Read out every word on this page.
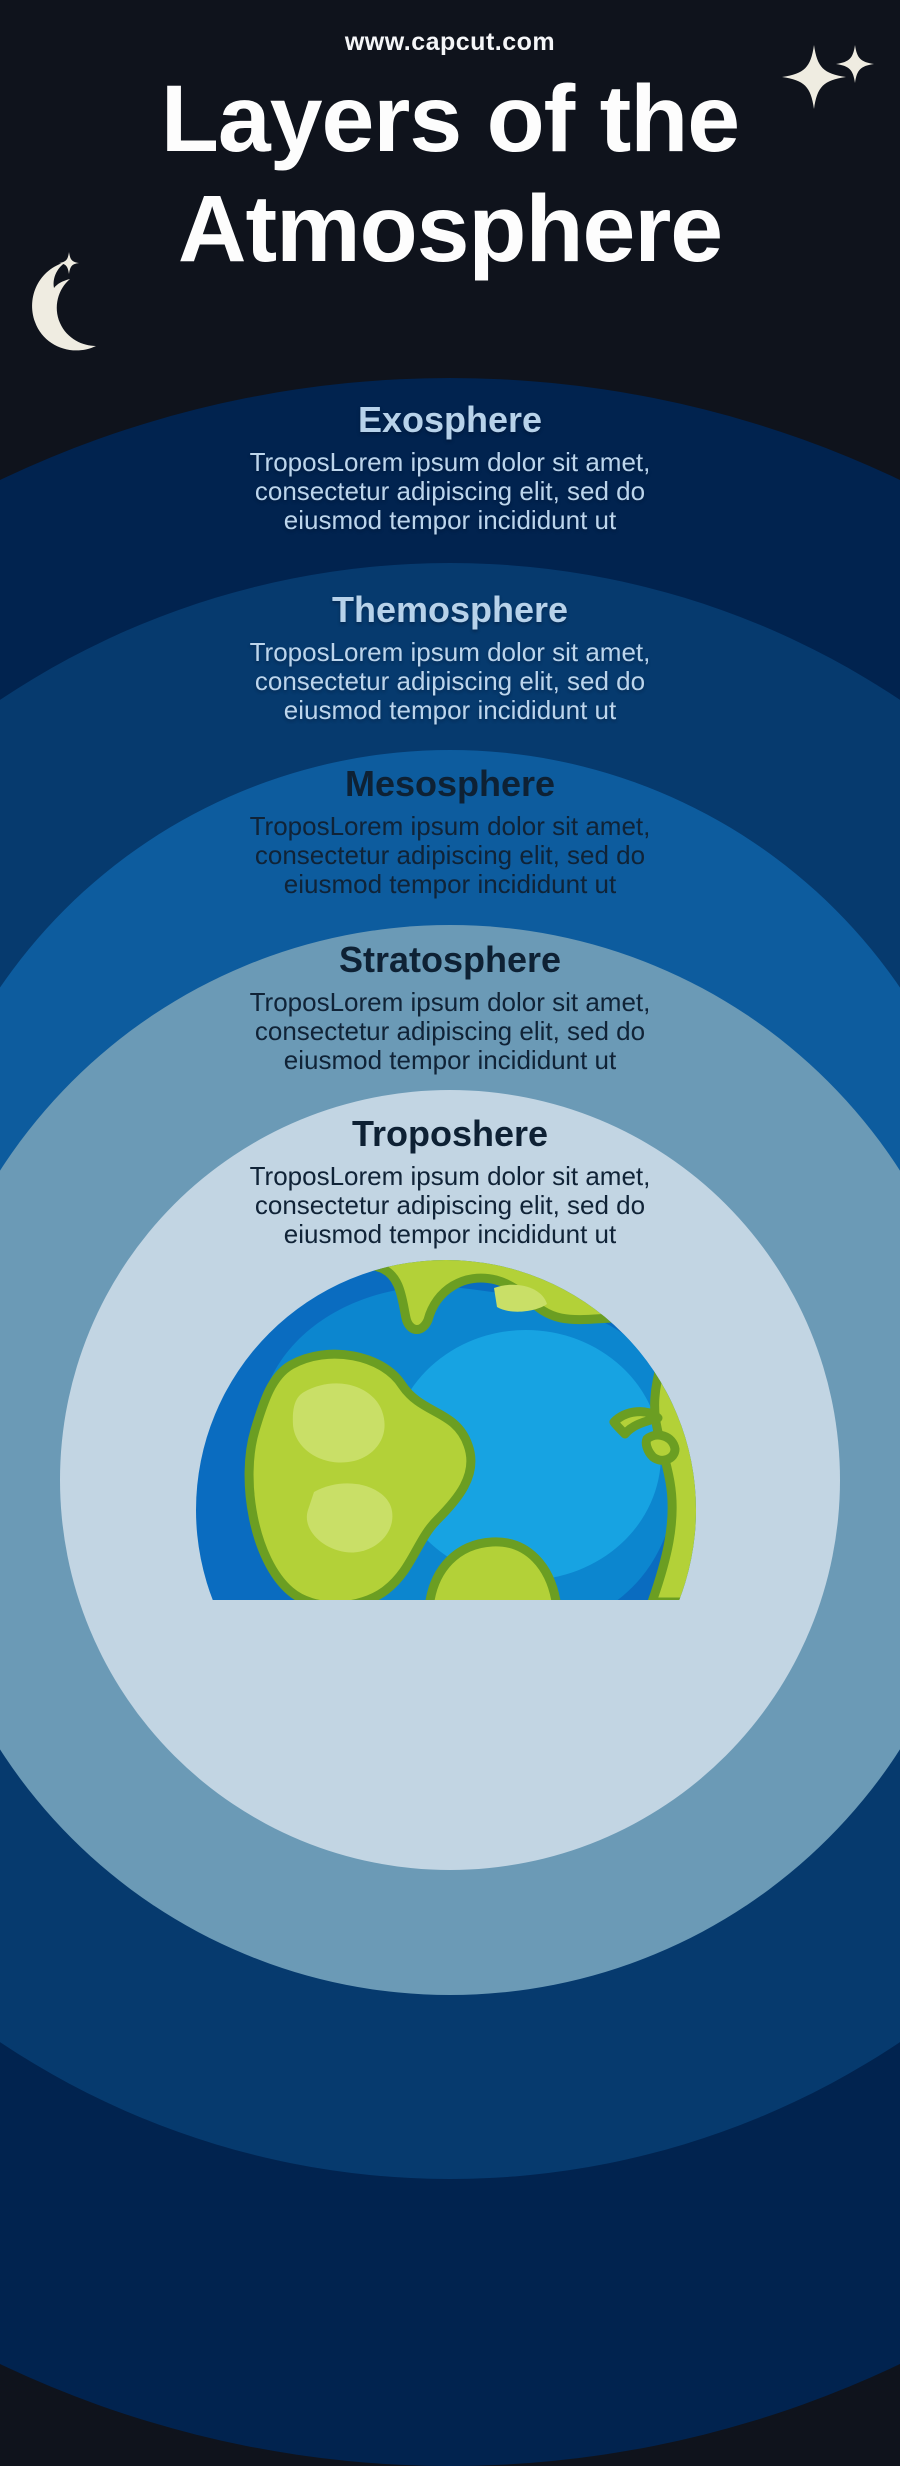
www.capcut.com
Layers of the
Atmosphere
Exosphere
TroposLorem ipsum dolor sit amet,
consectetur adipiscing elit, sed do
eiusmod tempor incididunt ut
Themosphere
TroposLorem ipsum dolor sit amet,
consectetur adipiscing elit, sed do
eiusmod tempor incididunt ut
Mesosphere
TroposLorem ipsum dolor sit amet,
consectetur adipiscing elit, sed do
eiusmod tempor incididunt ut
Stratosphere
TroposLorem ipsum dolor sit amet,
consectetur adipiscing elit, sed do
eiusmod tempor incididunt ut
Troposhere
TroposLorem ipsum dolor sit amet,
consectetur adipiscing elit, sed do
eiusmod tempor incididunt ut
